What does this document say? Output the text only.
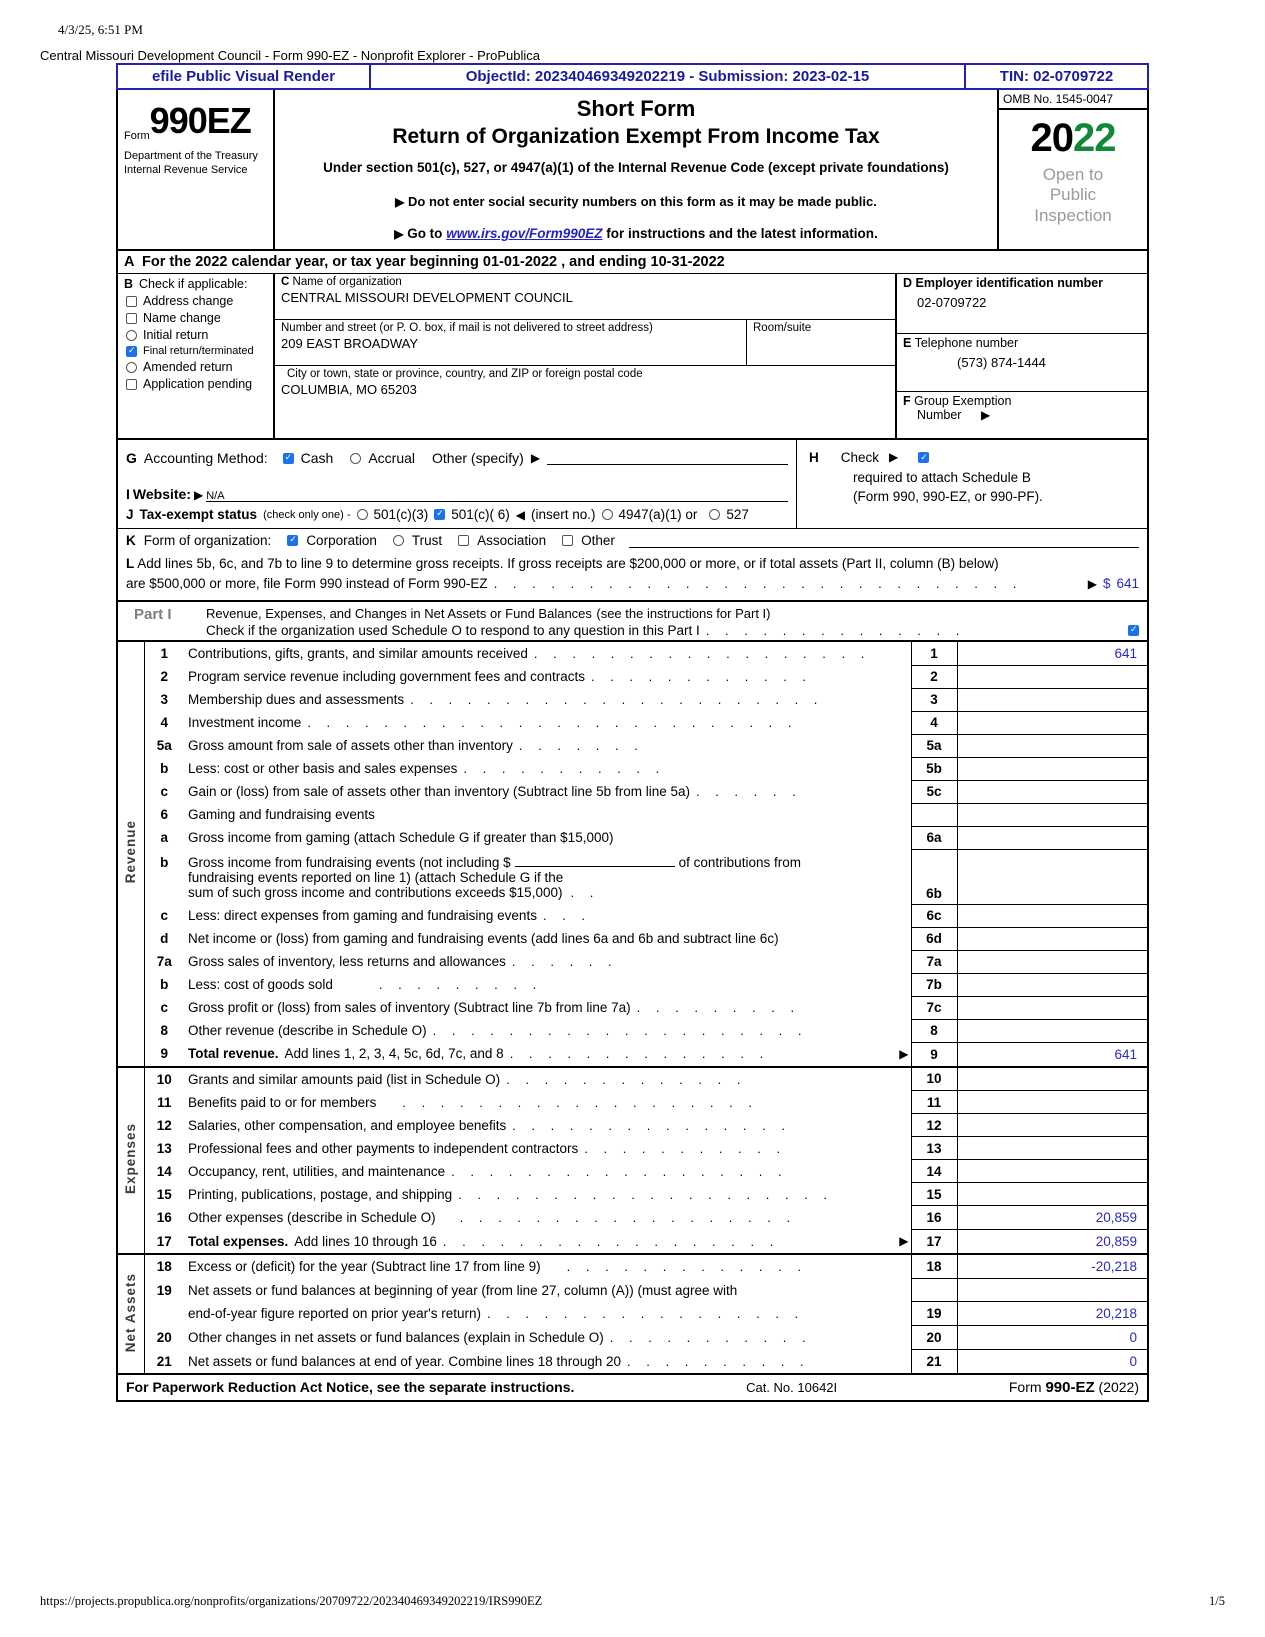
4/3/25, 6:51 PM
Central Missouri Development Council - Form 990-EZ - Nonprofit Explorer - ProPublica
efile Public Visual Render	ObjectId: 202340469349202219 - Submission: 2023-02-15	TIN: 02-0709722
Form 990EZ
Department of the Treasury
Internal Revenue Service
Short Form
Return of Organization Exempt From Income Tax
Under section 501(c), 527, or 4947(a)(1) of the Internal Revenue Code (except private foundations)
▶ Do not enter social security numbers on this form as it may be made public.
▶ Go to www.irs.gov/Form990EZ for instructions and the latest information.
OMB No. 1545-0047
2022
Open to
Public
Inspection
A For the 2022 calendar year, or tax year beginning 01-01-2022 , and ending 10-31-2022
B Check if applicable:
Address change
Name change
Initial return
✓
Final return/terminated
Amended return
Application pending
C Name of organization
CENTRAL MISSOURI DEVELOPMENT COUNCIL
Number and street (or P. O. box, if mail is not delivered to street address)
209 EAST BROADWAY
Room/suite
City or town, state or province, country, and ZIP or foreign postal code
COLUMBIA, MO 65203
D Employer identification number
02-0709722
E Telephone number
(573) 874-1444
F Group Exemption
Number ▶
G Accounting Method: ✓ Cash	Accrual Other (specify) ▶
I Website: ▶ N/A
J Tax-exempt status (check only one) - 501(c)(3) ✓ 501(c)( 6) ◀ (insert no.) 4947(a)(1) or 527
H Check ▶
✓
required to attach Schedule B
(Form 990, 990-EZ, or 990-PF).
K Form of organization: ✓	Corporation	Trust	Association	Other
L Add lines 5b, 6c, and 7b to line 9 to determine gross receipts. If gross receipts are $200,000 or more, or if total assets (Part II, column (B) below)
are $500,000 or more, file Form 990 instead of Form 990-EZ . . . . . . . . . . . . . . . . . . . . . . . . . . . .	▶ $ 641
Part I	Revenue, Expenses, and Changes in Net Assets or Fund Balances (see the instructions for Part I)
Check if the organization used Schedule O to respond to any question in this Part I . . . . . . . . . . . . . .
✓
Revenue	1	Contributions, gifts, grants, and similar amounts received . . . . . . . . . . . . . . . . . .	1	641
	2	Program service revenue including government fees and contracts . . . . . . . . . . . .	2	
	3	Membership dues and assessments . . . . . . . . . . . . . . . . . . . . . .	3	
	4	Investment income . . . . . . . . . . . . . . . . . . . . . . . . . .	4	
	5a	Gross amount from sale of assets other than inventory . . . . . . .	5a	
	b	Less: cost or other basis and sales expenses . . . . . . . . . . .	5b	
	c	Gain or (loss) from sale of assets other than inventory (Subtract line 5b from line 5a) . . . . . .	5c	
	6	Gaming and fundraising events		
	a	Gross income from gaming (attach Schedule G if greater than $15,000)	6a	
	b	Gross income from fundraising events (not including $ of contributions from
fundraising events reported on line 1) (attach Schedule G if the
sum of such gross income and contributions exceeds $15,000) . .	6b	
	c	Less: direct expenses from gaming and fundraising events . . .	6c	
	d	Net income or (loss) from gaming and fundraising events (add lines 6a and 6b and subtract line 6c)	6d	
	7a	Gross sales of inventory, less returns and allowances . . . . . .	7a	
	b	Less: cost of goods sold . . . . . . . . .	7b	
	c	Gross profit or (loss) from sales of inventory (Subtract line 7b from line 7a) . . . . . . . . .	7c	
	8	Other revenue (describe in Schedule O) . . . . . . . . . . . . . . . . . . . .	8	
	9	Total revenue. Add lines 1, 2, 3, 4, 5c, 6d, 7c, and 8 . . . . . . . . . . . . . . ▶	9	641
Expenses	10	Grants and similar amounts paid (list in Schedule O) . . . . . . . . . . . . .	10	
	11	Benefits paid to or for members . . . . . . . . . . . . . . . . . . .	11	
	12	Salaries, other compensation, and employee benefits . . . . . . . . . . . . . . .	12	
	13	Professional fees and other payments to independent contractors . . . . . . . . . . .	13	
	14	Occupancy, rent, utilities, and maintenance . . . . . . . . . . . . . . . . . .	14	
	15	Printing, publications, postage, and shipping . . . . . . . . . . . . . . . . . . . .	15	
	16	Other expenses (describe in Schedule O) . . . . . . . . . . . . . . . . . .	16	20,859
	17	Total expenses. Add lines 10 through 16 . . . . . . . . . . . . . . . . . . ▶	17	20,859
Net Assets	18	Excess or (deficit) for the year (Subtract line 17 from line 9) . . . . . . . . . . . . .	18	-20,218
	19	Net assets or fund balances at beginning of year (from line 27, column (A)) (must agree with		

		end-of-year figure reported on prior year's return) . . . . . . . . . . . . . . . . .	19	20,218
	20	Other changes in net assets or fund balances (explain in Schedule O) . . . . . . . . . . .	20	0
	21	Net assets or fund balances at end of year. Combine lines 18 through 20 . . . . . . . . . .	21	0
For Paperwork Reduction Act Notice, see the separate instructions.	Cat. No. 10642I	Form 990-EZ (2022)
https://projects.propublica.org/nonprofits/organizations/20709722/202340469349202219/IRS990EZ	1/5
